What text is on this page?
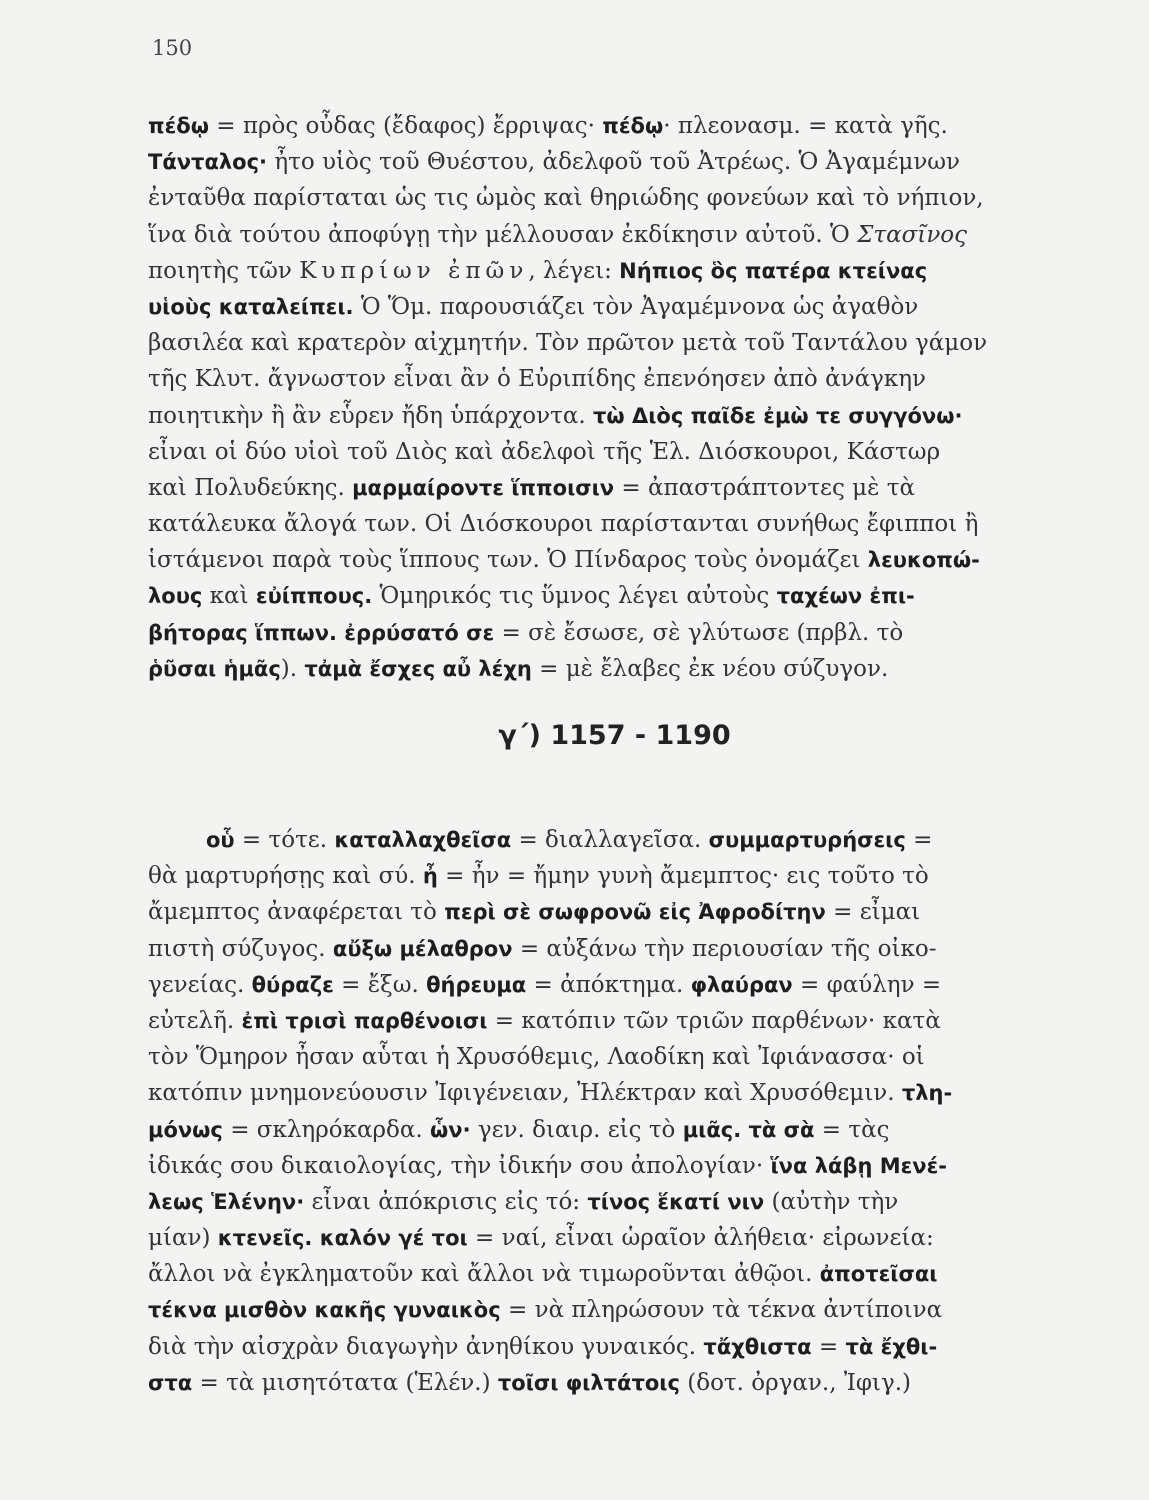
150
πέδῳ = πρὸς οὖδας (ἔδαφος) ἔρριψας· πέδῳ· πλεονασμ. = κατὰ γῆς.
Τάνταλος· ἦτο υἱὸς τοῦ Θυέστου, ἀδελφοῦ τοῦ Ἀτρέως. Ὁ Ἀγαμέμνων
ἐνταῦθα παρίσταται ὡς τις ὠμὸς καὶ θηριώδης φονεύων καὶ τὸ νήπιον,
ἵνα διὰ τούτου ἀποφύγῃ τὴν μέλλουσαν ἐκδίκησιν αὐτοῦ. Ὁ Στασῖνος
ποιητὴς τῶν Κυπρίων ἐπῶν, λέγει: Νήπιος ὃς πατέρα κτείνας
υἱοὺς καταλείπει. Ὁ Ὅμ. παρουσιάζει τὸν Ἀγαμέμνονα ὡς ἀγαθὸν
βασιλέα καὶ κρατερὸν αἰχμητήν. Τὸν πρῶτον μετὰ τοῦ Ταντάλου γάμον
τῆς Κλυτ. ἄγνωστον εἶναι ἂν ὁ Εὐριπίδης ἐπενόησεν ἀπὸ ἀνάγκην
ποιητικὴν ἢ ἂν εὗρεν ἤδη ὑπάρχοντα. τὼ Διὸς παῖδε ἐμὼ τε συγγόνω·
εἶναι οἱ δύο υἱοὶ τοῦ Διὸς καὶ ἀδελφοὶ τῆς Ἑλ. Διόσκουροι, Κάστωρ
καὶ Πολυδεύκης. μαρμαίροντε ἵπποισιν = ἀπαστράπτοντες μὲ τὰ
κατάλευκα ἄλογά των. Οἱ Διόσκουροι παρίστανται συνήθως ἔφιπποι ἢ
ἱστάμενοι παρὰ τοὺς ἵππους των. Ὁ Πίνδαρος τοὺς ὀνομάζει λευκοπώ-
λους καὶ εὐίππους. Ὁμηρικός τις ὕμνος λέγει αὐτοὺς ταχέων ἐπι-
βήτορας ἵππων. ἐρρύσατό σε = σὲ ἔσωσε, σὲ γλύτωσε (πρβλ. τὸ
ῥῦσαι ἡμᾶς). τἀμὰ ἔσχες αὖ λέχη = μὲ ἔλαβες ἐκ νέου σύζυγον.
γ΄) 1157 - 1190
οὗ = τότε. καταλλαχθεῖσα = διαλλαγεῖσα. συμμαρτυρήσεις =
θὰ μαρτυρήσῃς καὶ σύ. ἦ = ἦν = ἤμην γυνὴ ἄμεμπτος· εις τοῦτο τὸ
ἄμεμπτος ἀναφέρεται τὸ περὶ σὲ σωφρονῶ εἰς Ἀφροδίτην = εἶμαι
πιστὴ σύζυγος. αὔξω μέλαθρον = αὐξάνω τὴν περιουσίαν τῆς οἰκο-
γενείας. θύραζε = ἔξω. θήρευμα = ἀπόκτημα. φλαύραν = φαύλην =
εὐτελῆ. ἐπὶ τρισὶ παρθένοισι = κατόπιν τῶν τριῶν παρθένων· κατὰ
τὸν Ὅμηρον ἦσαν αὗται ἡ Χρυσόθεμις, Λαοδίκη καὶ Ἰφιάνασσα· οἱ
κατόπιν μνημονεύουσιν Ἰφιγένειαν, Ἠλέκτραν καὶ Χρυσόθεμιν. τλη-
μόνως = σκληρόκαρδα. ὧν· γεν. διαιρ. εἰς τὸ μιᾶς. τὰ σὰ = τὰς
ἰδικάς σου δικαιολογίας, τὴν ἰδικήν σου ἀπολογίαν· ἵνα λάβῃ Μενέ-
λεως Ἑλένην· εἶναι ἀπόκρισις εἰς τό: τίνος ἕκατί νιν (αὐτὴν τὴν
μίαν) κτενεῖς. καλόν γέ τοι = ναί, εἶναι ὡραῖον ἀλήθεια· εἰρωνεία:
ἄλλοι νὰ ἐγκληματοῦν καὶ ἄλλοι νὰ τιμωροῦνται ἀθῷοι. ἀποτεῖσαι
τέκνα μισθὸν κακῆς γυναικὸς = νὰ πληρώσουν τὰ τέκνα ἀντίποινα
διὰ τὴν αἰσχρὰν διαγωγὴν ἀνηθίκου γυναικός. τἄχθιστα = τὰ ἔχθι-
στα = τὰ μισητότατα (Ἑλέν.) τοῖσι φιλτάτοις (δοτ. ὀργαν., Ἰφιγ.)
